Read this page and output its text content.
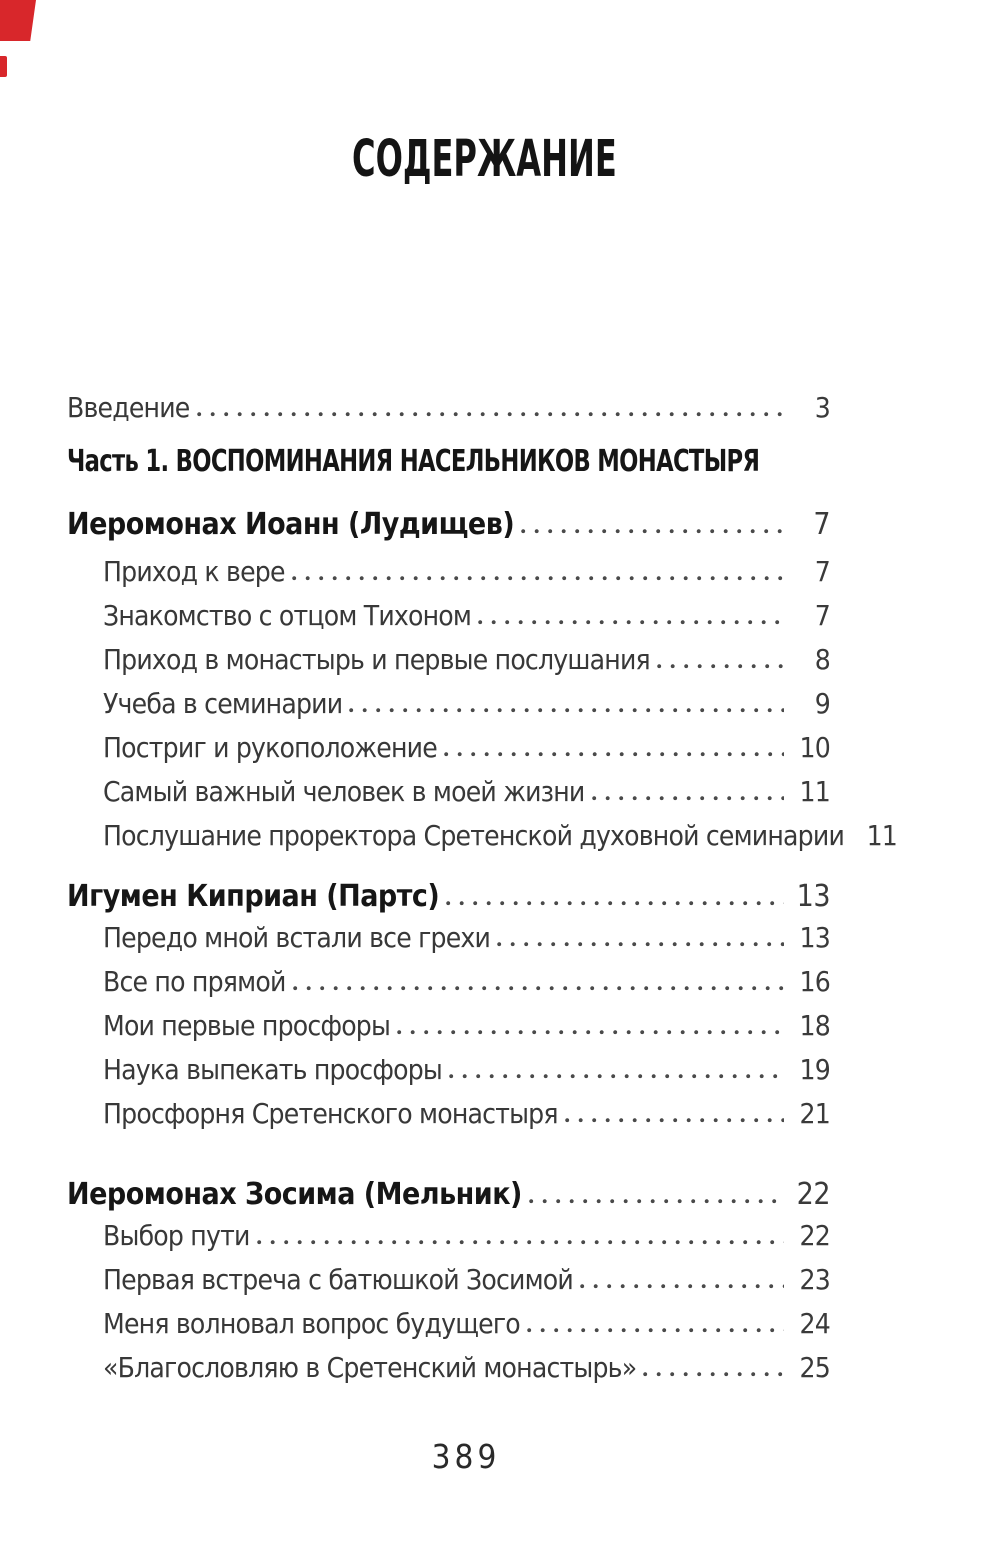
СОДЕРЖАНИЕ
Введение	3
Часть 1. ВОСПОМИНАНИЯ НАСЕЛЬНИКОВ МОНАСТЫРЯ
Иеромонах Иоанн (Лудищев)	7
Приход к вере	7
Знакомство с отцом Тихоном	7
Приход в монастырь и первые послушания	8
Учеба в семинарии	9
Постриг и рукоположение	10
Самый важный человек в моей жизни	11
Послушание проректора Сретенской духовной семинарии 11
Игумен Киприан (Партс)	13
Передо мной встали все грехи	13
Все по прямой	16
Мои первые просфоры	18
Наука выпекать просфоры	19
Просфорня Сретенского монастыря	21
Иеромонах Зосима (Мельник)	22
Выбор пути	22
Первая встреча с батюшкой Зосимой	23
Меня волновал вопрос будущего	24
«Благословляю в Сретенский монастырь»	25
389
